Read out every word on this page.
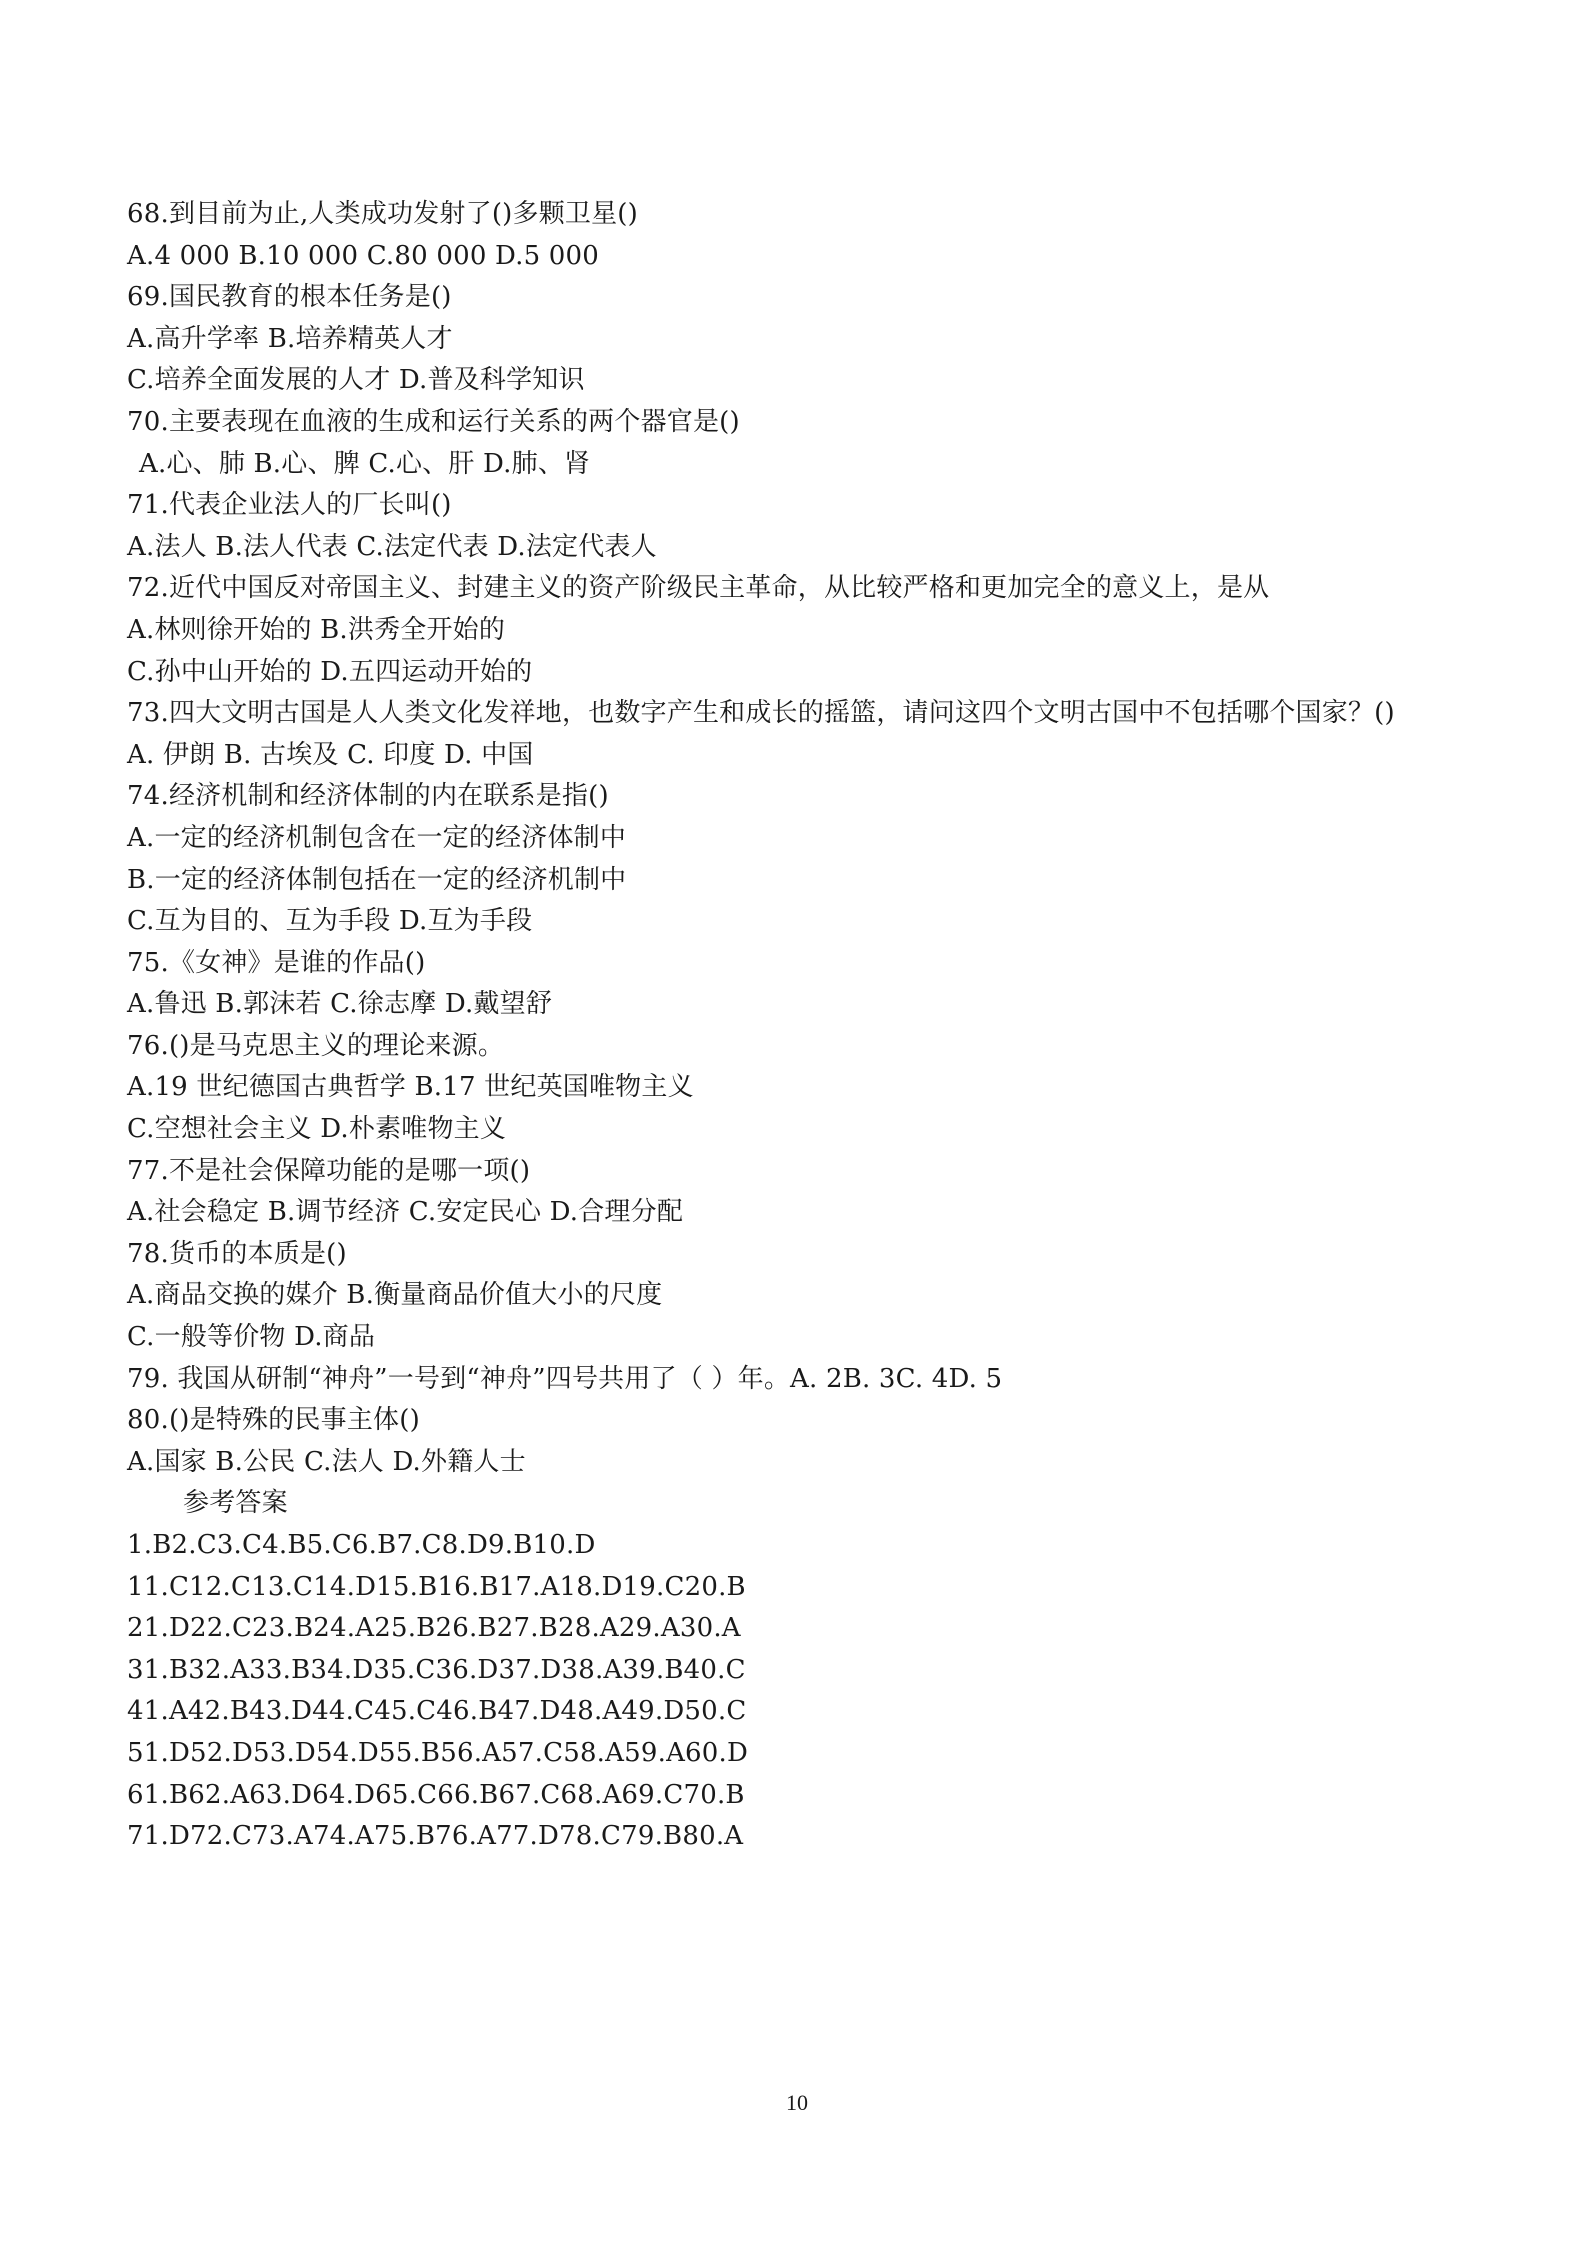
68.到目前为止,人类成功发射了()多颗卫星()
A.4 000 B.10 000 C.80 000 D.5 000
69.国民教育的根本任务是()
A.高升学率 B.培养精英人才
C.培养全面发展的人才 D.普及科学知识
70.主要表现在血液的生成和运行关系的两个器官是()
A.心、肺 B.心、脾 C.心、肝 D.肺、肾
71.代表企业法人的厂长叫()
A.法人 B.法人代表 C.法定代表 D.法定代表人
72.近代中国反对帝国主义、封建主义的资产阶级民主革命，从比较严格和更加完全的意义上，是从
A.林则徐开始的 B.洪秀全开始的
C.孙中山开始的 D.五四运动开始的
73.四大文明古国是人人类文化发祥地，也数字产生和成长的摇篮，请问这四个文明古国中不包括哪个国家？()
A. 伊朗 B. 古埃及 C. 印度 D. 中国
74.经济机制和经济体制的内在联系是指()
A.一定的经济机制包含在一定的经济体制中
B.一定的经济体制包括在一定的经济机制中
C.互为目的、互为手段 D.互为手段
75.《女神》是谁的作品()
A.鲁迅 B.郭沫若 C.徐志摩 D.戴望舒
76.()是马克思主义的理论来源。
A.19 世纪德国古典哲学 B.17 世纪英国唯物主义
C.空想社会主义 D.朴素唯物主义
77.不是社会保障功能的是哪一项()
A.社会稳定 B.调节经济 C.安定民心 D.合理分配
78.货币的本质是()
A.商品交换的媒介 B.衡量商品价值大小的尺度
C.一般等价物 D.商品
79. 我国从研制“神舟”一号到“神舟”四号共用了（ ）年。A. 2B. 3C. 4D. 5
80.()是特殊的民事主体()
A.国家 B.公民 C.法人 D.外籍人士
参考答案
1.B2.C3.C4.B5.C6.B7.C8.D9.B10.D
11.C12.C13.C14.D15.B16.B17.A18.D19.C20.B
21.D22.C23.B24.A25.B26.B27.B28.A29.A30.A
31.B32.A33.B34.D35.C36.D37.D38.A39.B40.C
41.A42.B43.D44.C45.C46.B47.D48.A49.D50.C
51.D52.D53.D54.D55.B56.A57.C58.A59.A60.D
61.B62.A63.D64.D65.C66.B67.C68.A69.C70.B
71.D72.C73.A74.A75.B76.A77.D78.C79.B80.A
10
